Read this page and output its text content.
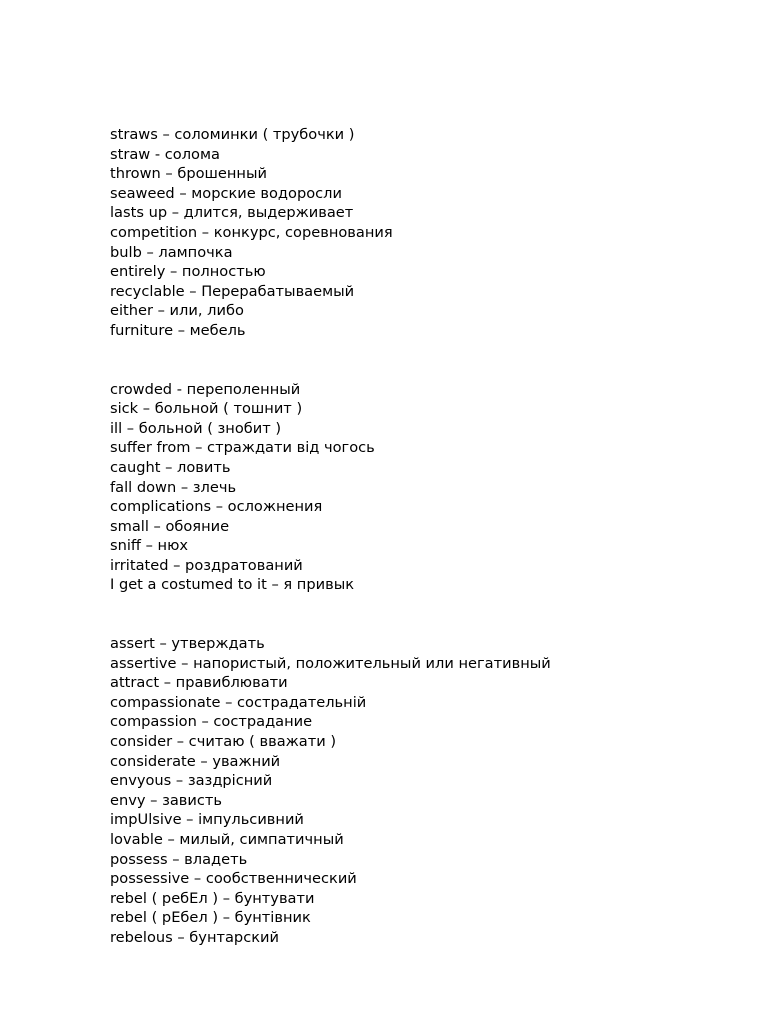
straws – соломинки ( трубочки )
straw - солома
thrown – брошенный
seaweed – морские водоросли
lasts up – длится, выдерживает
competition – конкурс, соревнования
bulb – лампочка
entirely – полностью
recyclable – Перерабатываемый
either – или, либо
furniture – мебель
crowded - переполенный
sick – больной ( тошнит )
ill – больной ( знобит )
suffer from – страждати від чогось
caught – ловить
fall down – злечь
complications – осложнения
small – обояние
sniff – нюх
irritated – роздратований
I get a costumed to it – я привык
assert – утверждать
assertive – напористый, положительный или негативный
attract – правиблювати
compassionate – сострадательній
compassion – сострадание
consider – считаю ( вважати )
considerate – уважний
envyous – заздрісний
envy – зависть
impUlsive – імпульсивний
lovable – милый, симпатичный
possess – владеть
possessive – сообственнический
rebel ( ребЕл ) – бунтувати
rebel ( рЕбел ) – бунтівник
rebelous – бунтарский
